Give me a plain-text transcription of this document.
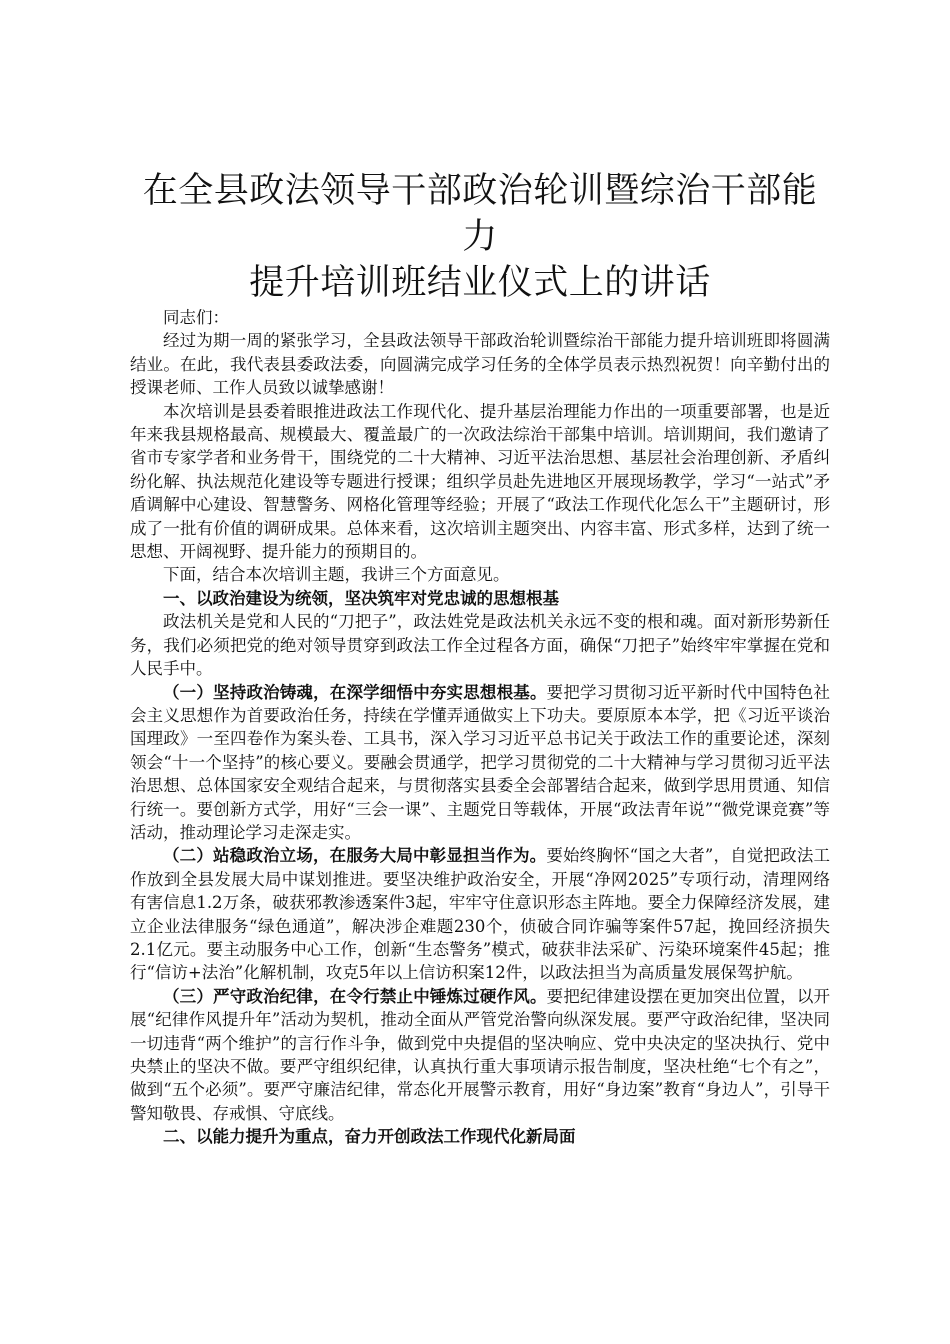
在全县政法领导干部政治轮训暨综治干部能力
提升培训班结业仪式上的讲话

同志们：

经过为期一周的紧张学习，全县政法领导干部政治轮训暨综治干部能力提升培训班即将圆满结业。在此，我代表县委政法委，向圆满完成学习任务的全体学员表示热烈祝贺！向辛勤付出的授课老师、工作人员致以诚挚感谢！

本次培训是县委着眼推进政法工作现代化、提升基层治理能力作出的一项重要部署，也是近年来我县规格最高、规模最大、覆盖最广的一次政法综治干部集中培训。培训期间，我们邀请了省市专家学者和业务骨干，围绕党的二十大精神、习近平法治思想、基层社会治理创新、矛盾纠纷化解、执法规范化建设等专题进行授课；组织学员赴先进地区开展现场教学，学习“一站式”矛盾调解中心建设、智慧警务、网格化管理等经验；开展了“政法工作现代化怎么干”主题研讨，形成了一批有价值的调研成果。总体来看，这次培训主题突出、内容丰富、形式多样，达到了统一思想、开阔视野、提升能力的预期目的。

下面，结合本次培训主题，我讲三个方面意见。

一、以政治建设为统领，坚决筑牢对党忠诚的思想根基

政法机关是党和人民的“刀把子”，政法姓党是政法机关永远不变的根和魂。面对新形势新任务，我们必须把党的绝对领导贯穿到政法工作全过程各方面，确保“刀把子”始终牢牢掌握在党和人民手中。

（一）坚持政治铸魂，在深学细悟中夯实思想根基。要把学习贯彻习近平新时代中国特色社会主义思想作为首要政治任务，持续在学懂弄通做实上下功夫。要原原本本学，把《习近平谈治国理政》一至四卷作为案头卷、工具书，深入学习习近平总书记关于政法工作的重要论述，深刻领会“十一个坚持”的核心要义。要融会贯通学，把学习贯彻党的二十大精神与学习贯彻习近平法治思想、总体国家安全观结合起来，与贯彻落实县委全会部署结合起来，做到学思用贯通、知信行统一。要创新方式学，用好“三会一课”、主题党日等载体，开展“政法青年说”“微党课竞赛”等活动，推动理论学习走深走实。

（二）站稳政治立场，在服务大局中彰显担当作为。要始终胸怀“国之大者”，自觉把政法工作放到全县发展大局中谋划推进。要坚决维护政治安全，开展“净网2025”专项行动，清理网络有害信息1.2万条，破获邪教渗透案件3起，牢牢守住意识形态主阵地。要全力保障经济发展，建立企业法律服务“绿色通道”，解决涉企难题230个，侦破合同诈骗等案件57起，挽回经济损失2.1亿元。要主动服务中心工作，创新“生态警务”模式，破获非法采矿、污染环境案件45起；推行“信访+法治”化解机制，攻克5年以上信访积案12件，以政法担当为高质量发展保驾护航。

（三）严守政治纪律，在令行禁止中锤炼过硬作风。要把纪律建设摆在更加突出位置，以开展“纪律作风提升年”活动为契机，推动全面从严管党治警向纵深发展。要严守政治纪律，坚决同一切违背“两个维护”的言行作斗争，做到党中央提倡的坚决响应、党中央决定的坚决执行、党中央禁止的坚决不做。要严守组织纪律，认真执行重大事项请示报告制度，坚决杜绝“七个有之”，做到“五个必须”。要严守廉洁纪律，常态化开展警示教育，用好“身边案”教育“身边人”，引导干警知敬畏、存戒惧、守底线。

二、以能力提升为重点，奋力开创政法工作现代化新局面
